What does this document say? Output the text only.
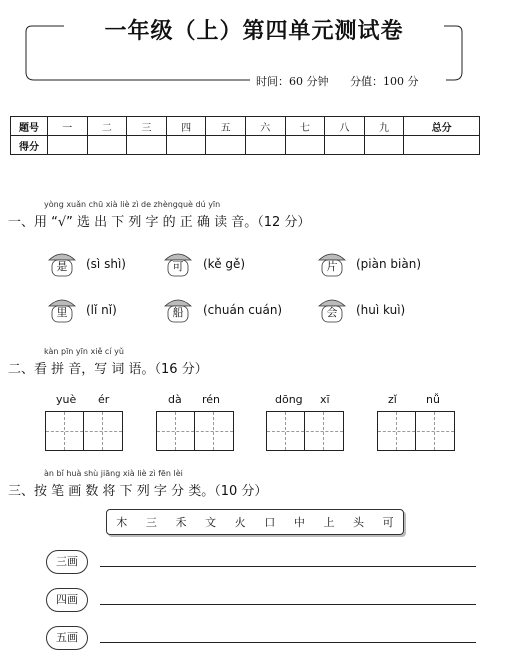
一年级（上）第四单元测试卷
时间：60 分钟 分值：100 分
题号	一	二	三	四	五	六	七	八	九	总分
得分										
yòng xuǎn chū xià liè zì de zhèngquè dú yīn
一、用 “√” 选 出 下 列 字 的 正 确 读 音。（12 分）
是	(sì shì)	可	(kě gě)	片	(piàn biàn)
里	(lǐ nǐ)	船	(chuán cuán)	会	(huì kuì)
kàn pīn yīn xiě cí yǔ
二、看 拼 音，写 词 语。（16 分）
yuè ér	dà rén	dōng xī	zǐ	nǚ
àn bǐ huà shù jiāng xià liè zì fēn lèi
三、按 笔 画 数 将 下 列 字 分 类。（10 分）
木 三 禾 文 火 口 中 上 头 可
三画
四画
五画
